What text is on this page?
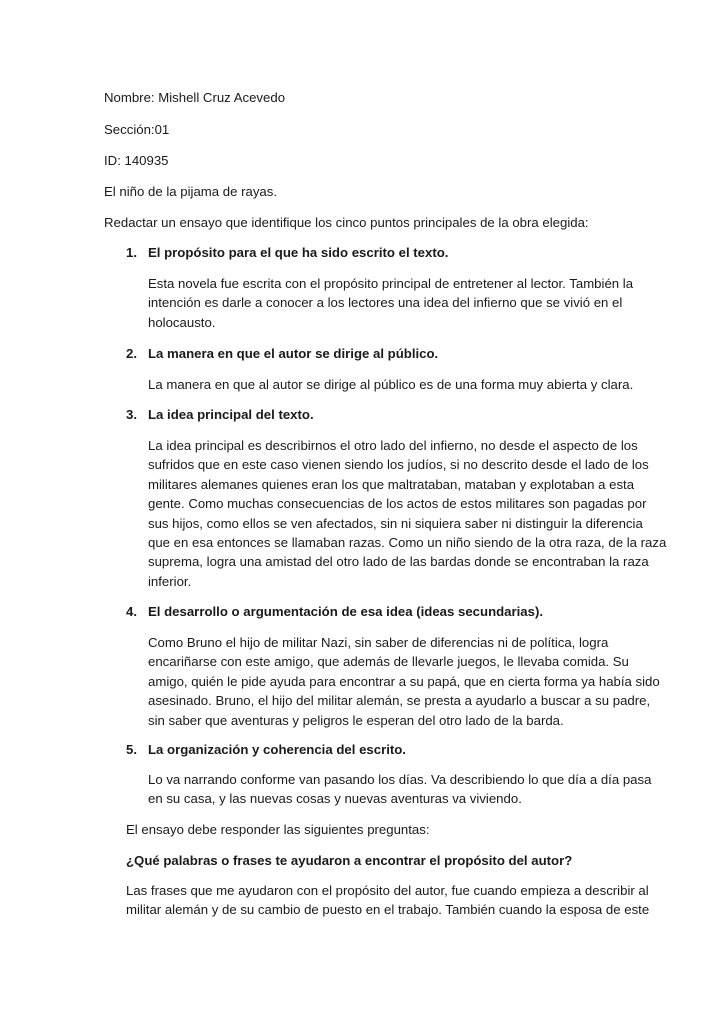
Nombre: Mishell Cruz Acevedo

Sección:01

ID: 140935

El niño de la pijama de rayas.

Redactar un ensayo que identifique los cinco puntos principales de la obra elegida:

1. El propósito para el que ha sido escrito el texto.

Esta novela fue escrita con el propósito principal de entretener al lector. También la
intención es darle a conocer a los lectores una idea del infierno que se vivió en el
holocausto.

2. La manera en que el autor se dirige al público.

La manera en que al autor se dirige al público es de una forma muy abierta y clara.

3. La idea principal del texto.

La idea principal es describirnos el otro lado del infierno, no desde el aspecto de los
sufridos que en este caso vienen siendo los judíos, si no descrito desde el lado de los
militares alemanes quienes eran los que maltrataban, mataban y explotaban a esta
gente. Como muchas consecuencias de los actos de estos militares son pagadas por
sus hijos, como ellos se ven afectados, sin ni siquiera saber ni distinguir la diferencia
que en esa entonces se llamaban razas. Como un niño siendo de la otra raza, de la raza
suprema, logra una amistad del otro lado de las bardas donde se encontraban la raza
inferior.

4. El desarrollo o argumentación de esa idea (ideas secundarias).

Como Bruno el hijo de militar Nazi, sin saber de diferencias ni de política, logra
encariñarse con este amigo, que además de llevarle juegos, le llevaba comida. Su
amigo, quién le pide ayuda para encontrar a su papá, que en cierta forma ya había sido
asesinado. Bruno, el hijo del militar alemán, se presta a ayudarlo a buscar a su padre,
sin saber que aventuras y peligros le esperan del otro lado de la barda.

5. La organización y coherencia del escrito.

Lo va narrando conforme van pasando los días. Va describiendo lo que día a día pasa
en su casa, y las nuevas cosas y nuevas aventuras va viviendo.

El ensayo debe responder las siguientes preguntas:

¿Qué palabras o frases te ayudaron a encontrar el propósito del autor?

Las frases que me ayudaron con el propósito del autor, fue cuando empieza a describir al
militar alemán y de su cambio de puesto en el trabajo. También cuando la esposa de este
